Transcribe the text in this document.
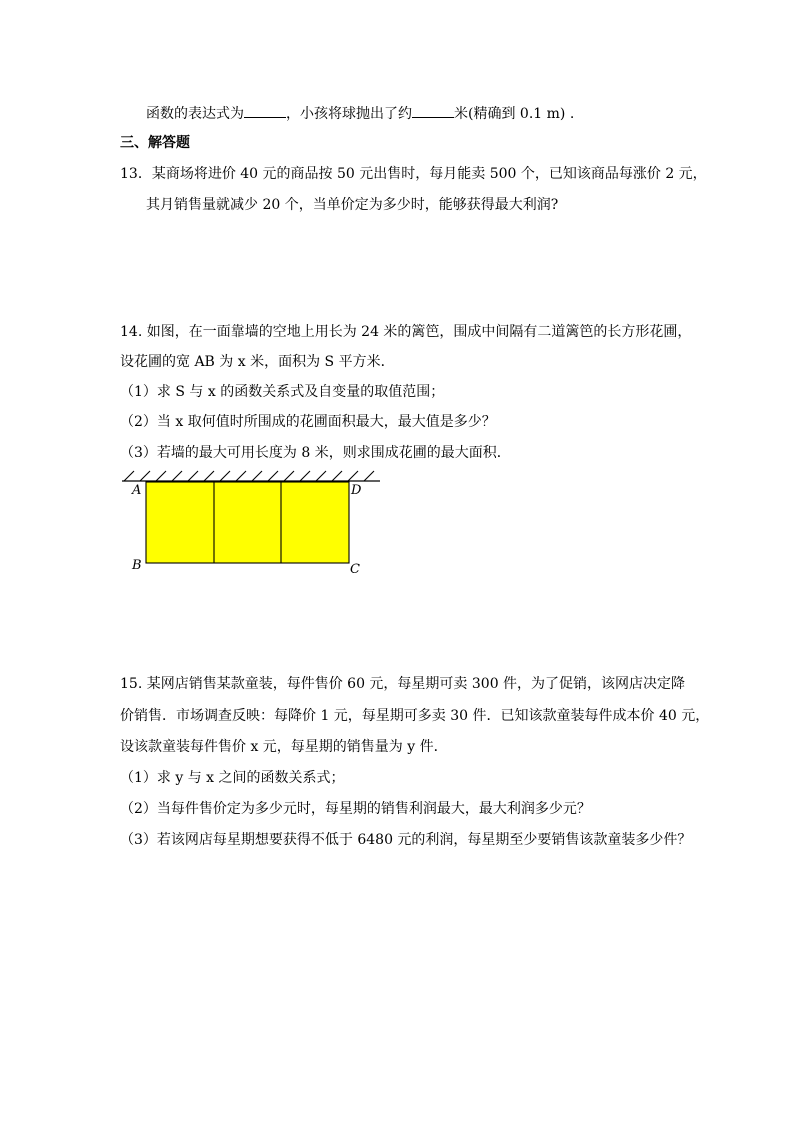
函数的表达式为	，小孩将球抛出了约	米(精确到 0.1 m) .
三、解答题
13．某商场将进价 40 元的商品按 50 元出售时，每月能卖 500 个，已知该商品每涨价 2 元，
其月销售量就减少 20 个，当单价定为多少时，能够获得最大利润?
14. 如图，在一面靠墙的空地上用长为 24 米的篱笆，围成中间隔有二道篱笆的长方形花圃，
设花圃的宽 AB 为 x 米，面积为 S 平方米．
（1）求 S 与 x 的函数关系式及自变量的取值范围；
（2）当 x 取何值时所围成的花圃面积最大，最大值是多少？
（3）若墙的最大可用长度为 8 米，则求围成花圃的最大面积．
A	D
B	C
15. 某网店销售某款童装，每件售价 60 元，每星期可卖 300 件，为了促销，该网店决定降
价销售．市场调查反映：每降价 1 元，每星期可多卖 30 件．已知该款童装每件成本价 40 元，
设该款童装每件售价 x 元，每星期的销售量为 y 件．
（1）求 y 与 x 之间的函数关系式；
（2）当每件售价定为多少元时，每星期的销售利润最大，最大利润多少元？
（3）若该网店每星期想要获得不低于 6480 元的利润，每星期至少要销售该款童装多少件？
